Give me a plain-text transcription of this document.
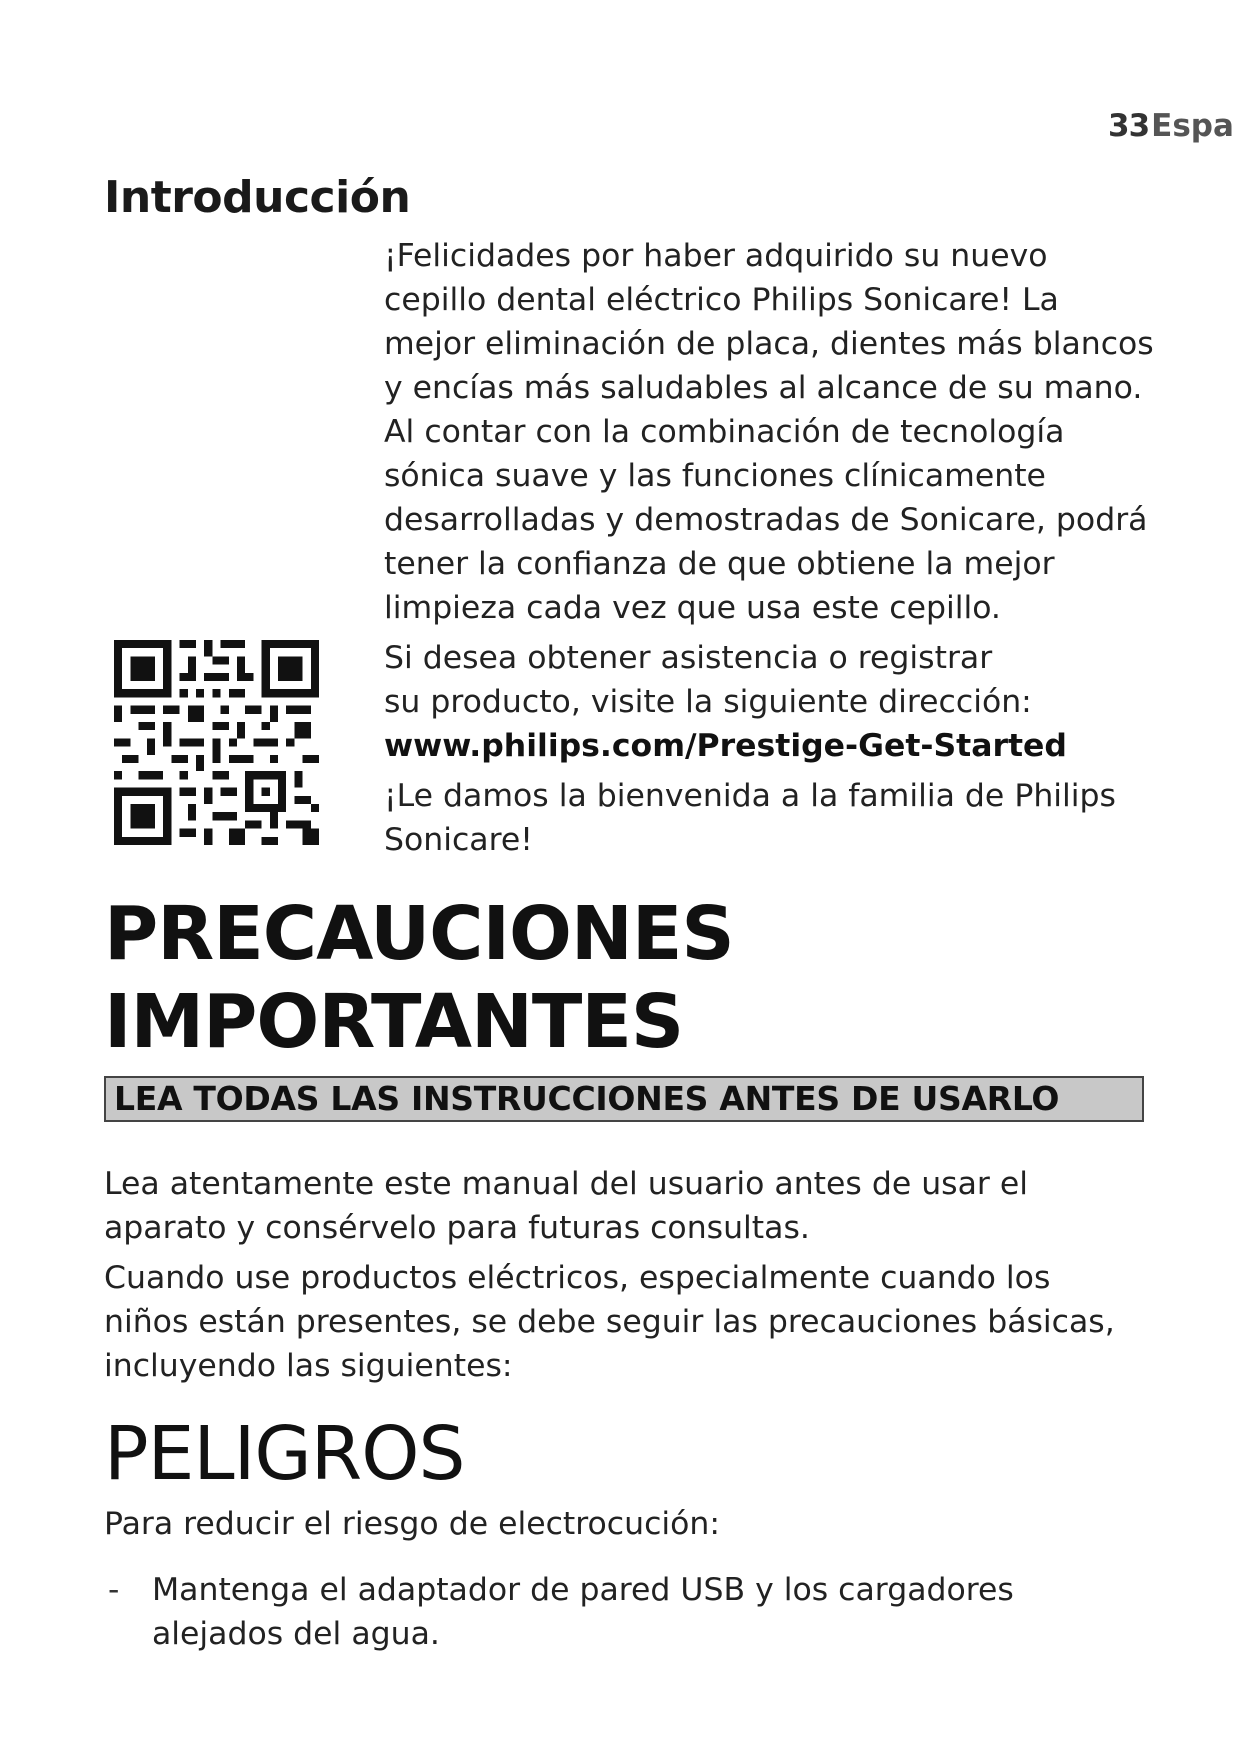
33Espa
Introducción

¡Felicidades por haber adquirido su nuevo
cepillo dental eléctrico Philips Sonicare! La
mejor eliminación de placa, dientes más blancos
y encías más saludables al alcance de su mano.
Al contar con la combinación de tecnología
sónica suave y las funciones clínicamente
desarrolladas y demostradas de Sonicare, podrá
tener la confianza de que obtiene la mejor
limpieza cada vez que usa este cepillo.

Si desea obtener asistencia o registrar
su producto, visite la siguiente dirección:
www.philips.com/Prestige-Get-Started

¡Le damos la bienvenida a la familia de Philips
Sonicare!

PRECAUCIONES
IMPORTANTES
LEA TODAS LAS INSTRUCCIONES ANTES DE USARLO

Lea atentamente este manual del usuario antes de usar el
aparato y consérvelo para futuras consultas.

Cuando use productos eléctricos, especialmente cuando los
niños están presentes, se debe seguir las precauciones básicas,
incluyendo las siguientes:

PELIGROS

Para reducir el riesgo de electrocución:

- Mantenga el adaptador de pared USB y los cargadores
alejados del agua.
